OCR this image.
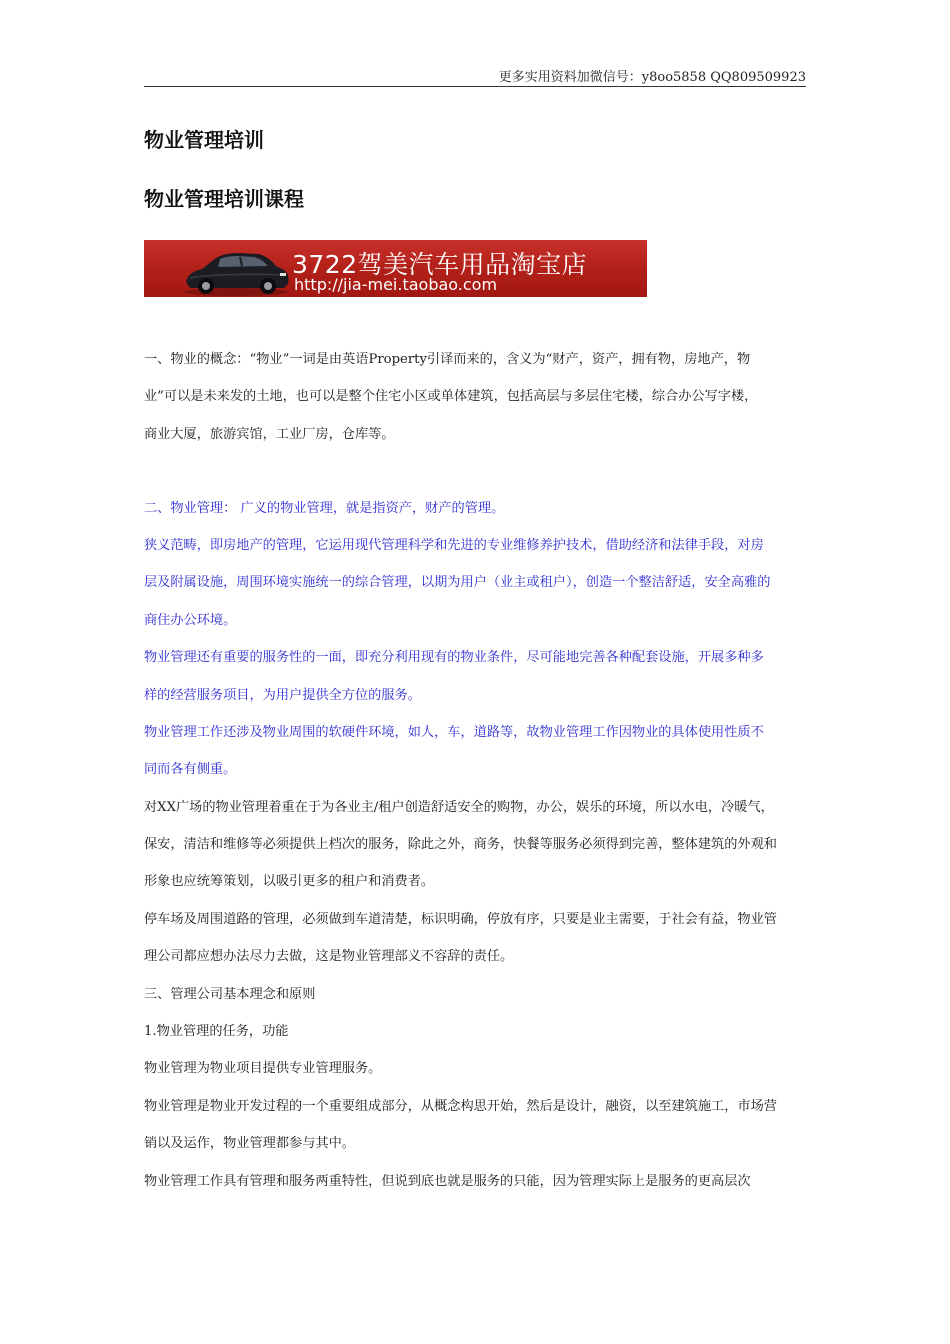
更多实用资料加微信号：y8oo5858 QQ809509923
物业管理培训
物业管理培训课程
3722驾美汽车用品淘宝店
http://jia-mei.taobao.com
一、物业的概念：“物业”一词是由英语Property引译而来的，含义为“财产，资产，拥有物，房地产，物
业”可以是未来发的土地，也可以是整个住宅小区或单体建筑，包括高层与多层住宅楼，综合办公写字楼，
商业大厦，旅游宾馆，工业厂房，仓库等。
二、物业管理： 广义的物业管理，就是指资产，财产的管理。
狭义范畴，即房地产的管理，它运用现代管理科学和先进的专业维修养护技术，借助经济和法律手段，对房
层及附属设施，周围环境实施统一的综合管理，以期为用户（业主或租户），创造一个整洁舒适，安全高雅的
商住办公环境。
物业管理还有重要的服务性的一面，即充分利用现有的物业条件，尽可能地完善各种配套设施，开展多种多
样的经营服务项目，为用户提供全方位的服务。
物业管理工作还涉及物业周围的软硬件环境，如人，车，道路等，故物业管理工作因物业的具体使用性质不
同而各有侧重。
对XX广场的物业管理着重在于为各业主/租户创造舒适安全的购物，办公，娱乐的环境，所以水电，冷暖气，
保安，清洁和维修等必须提供上档次的服务，除此之外，商务，快餐等服务必须得到完善，整体建筑的外观和
形象也应统筹策划，以吸引更多的租户和消费者。
停车场及周围道路的管理，必须做到车道清楚，标识明确，停放有序，只要是业主需要，于社会有益，物业管
理公司都应想办法尽力去做，这是物业管理部义不容辞的责任。
三、管理公司基本理念和原则
1.物业管理的任务，功能
物业管理为物业项目提供专业管理服务。
物业管理是物业开发过程的一个重要组成部分，从概念构思开始，然后是设计，融资，以至建筑施工，市场营
销以及运作，物业管理都参与其中。
物业管理工作具有管理和服务两重特性，但说到底也就是服务的只能，因为管理实际上是服务的更高层次
